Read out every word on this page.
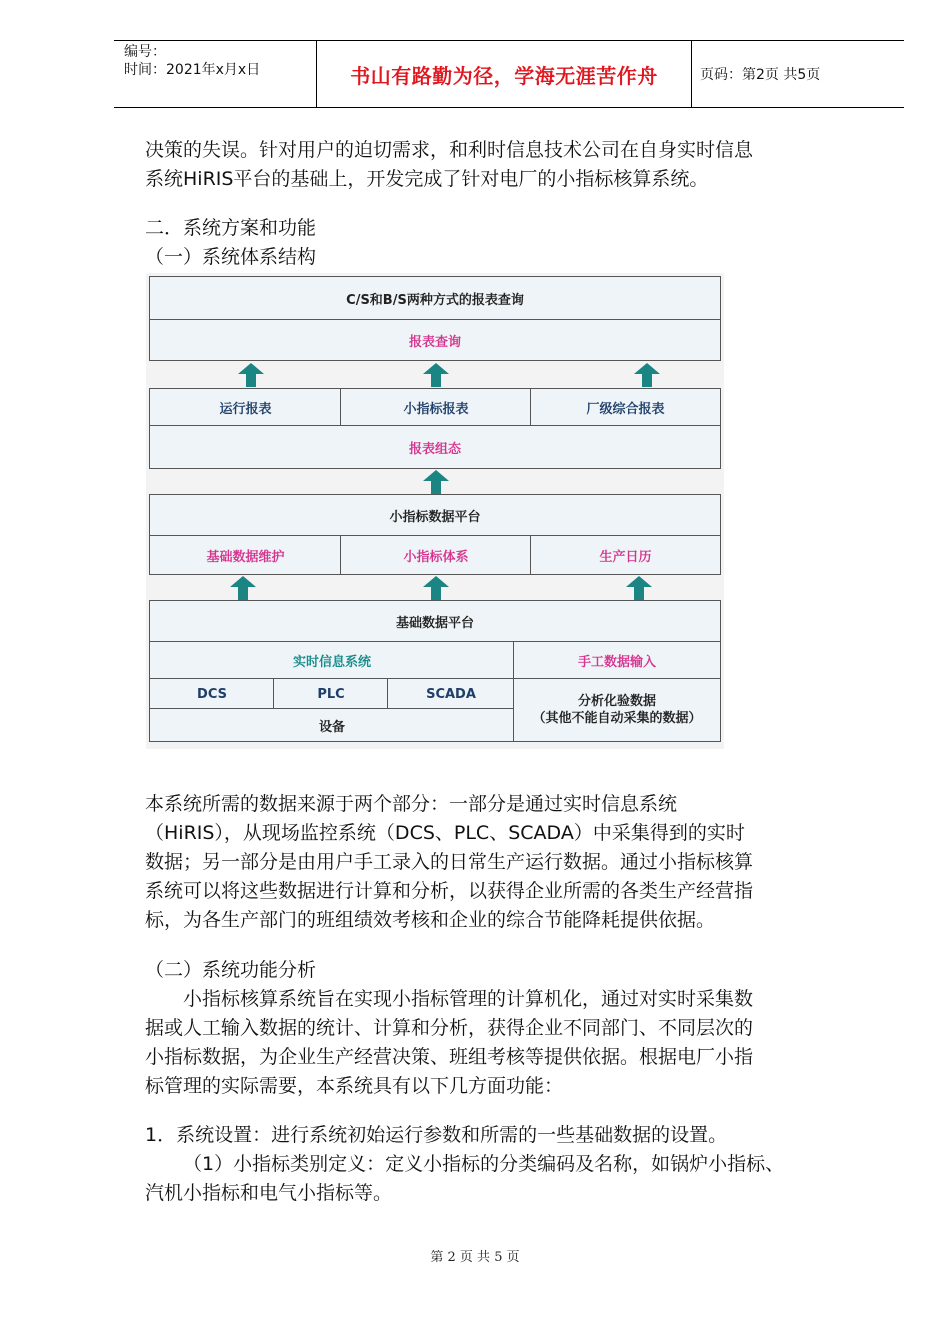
编号：
时间：2021年x月x日	书山有路勤为径，学海无涯苦作舟	页码：第2页 共5页

决策的失误。针对用户的迫切需求，和利时信息技术公司在自身实时信息

系统HiRIS平台的基础上，开发完成了针对电厂的小指标核算系统。

二．系统方案和功能

（一）系统体系结构

C/S和B/S两种方式的报表查询
报表查询
运行报表	小指标报表	厂级综合报表
报表组态
小指标数据平台
基础数据维护	小指标体系	生产日历
基础数据平台
实时信息系统	手工数据输入
DCS	PLC	SCADA
设备
分析化验数据
（其他不能自动采集的数据）

本系统所需的数据来源于两个部分：一部分是通过实时信息系统

（HiRIS），从现场监控系统（DCS、PLC、SCADA）中采集得到的实时

数据；另一部分是由用户手工录入的日常生产运行数据。通过小指标核算

系统可以将这些数据进行计算和分析，以获得企业所需的各类生产经营指

标，为各生产部门的班组绩效考核和企业的综合节能降耗提供依据。

（二）系统功能分析

小指标核算系统旨在实现小指标管理的计算机化，通过对实时采集数

据或人工输入数据的统计、计算和分析，获得企业不同部门、不同层次的

小指标数据，为企业生产经营决策、班组考核等提供依据。根据电厂小指

标管理的实际需要，本系统具有以下几方面功能：

1．系统设置：进行系统初始运行参数和所需的一些基础数据的设置。

（1）小指标类别定义：定义小指标的分类编码及名称，如锅炉小指标、

汽机小指标和电气小指标等。

第 2 页 共 5 页
